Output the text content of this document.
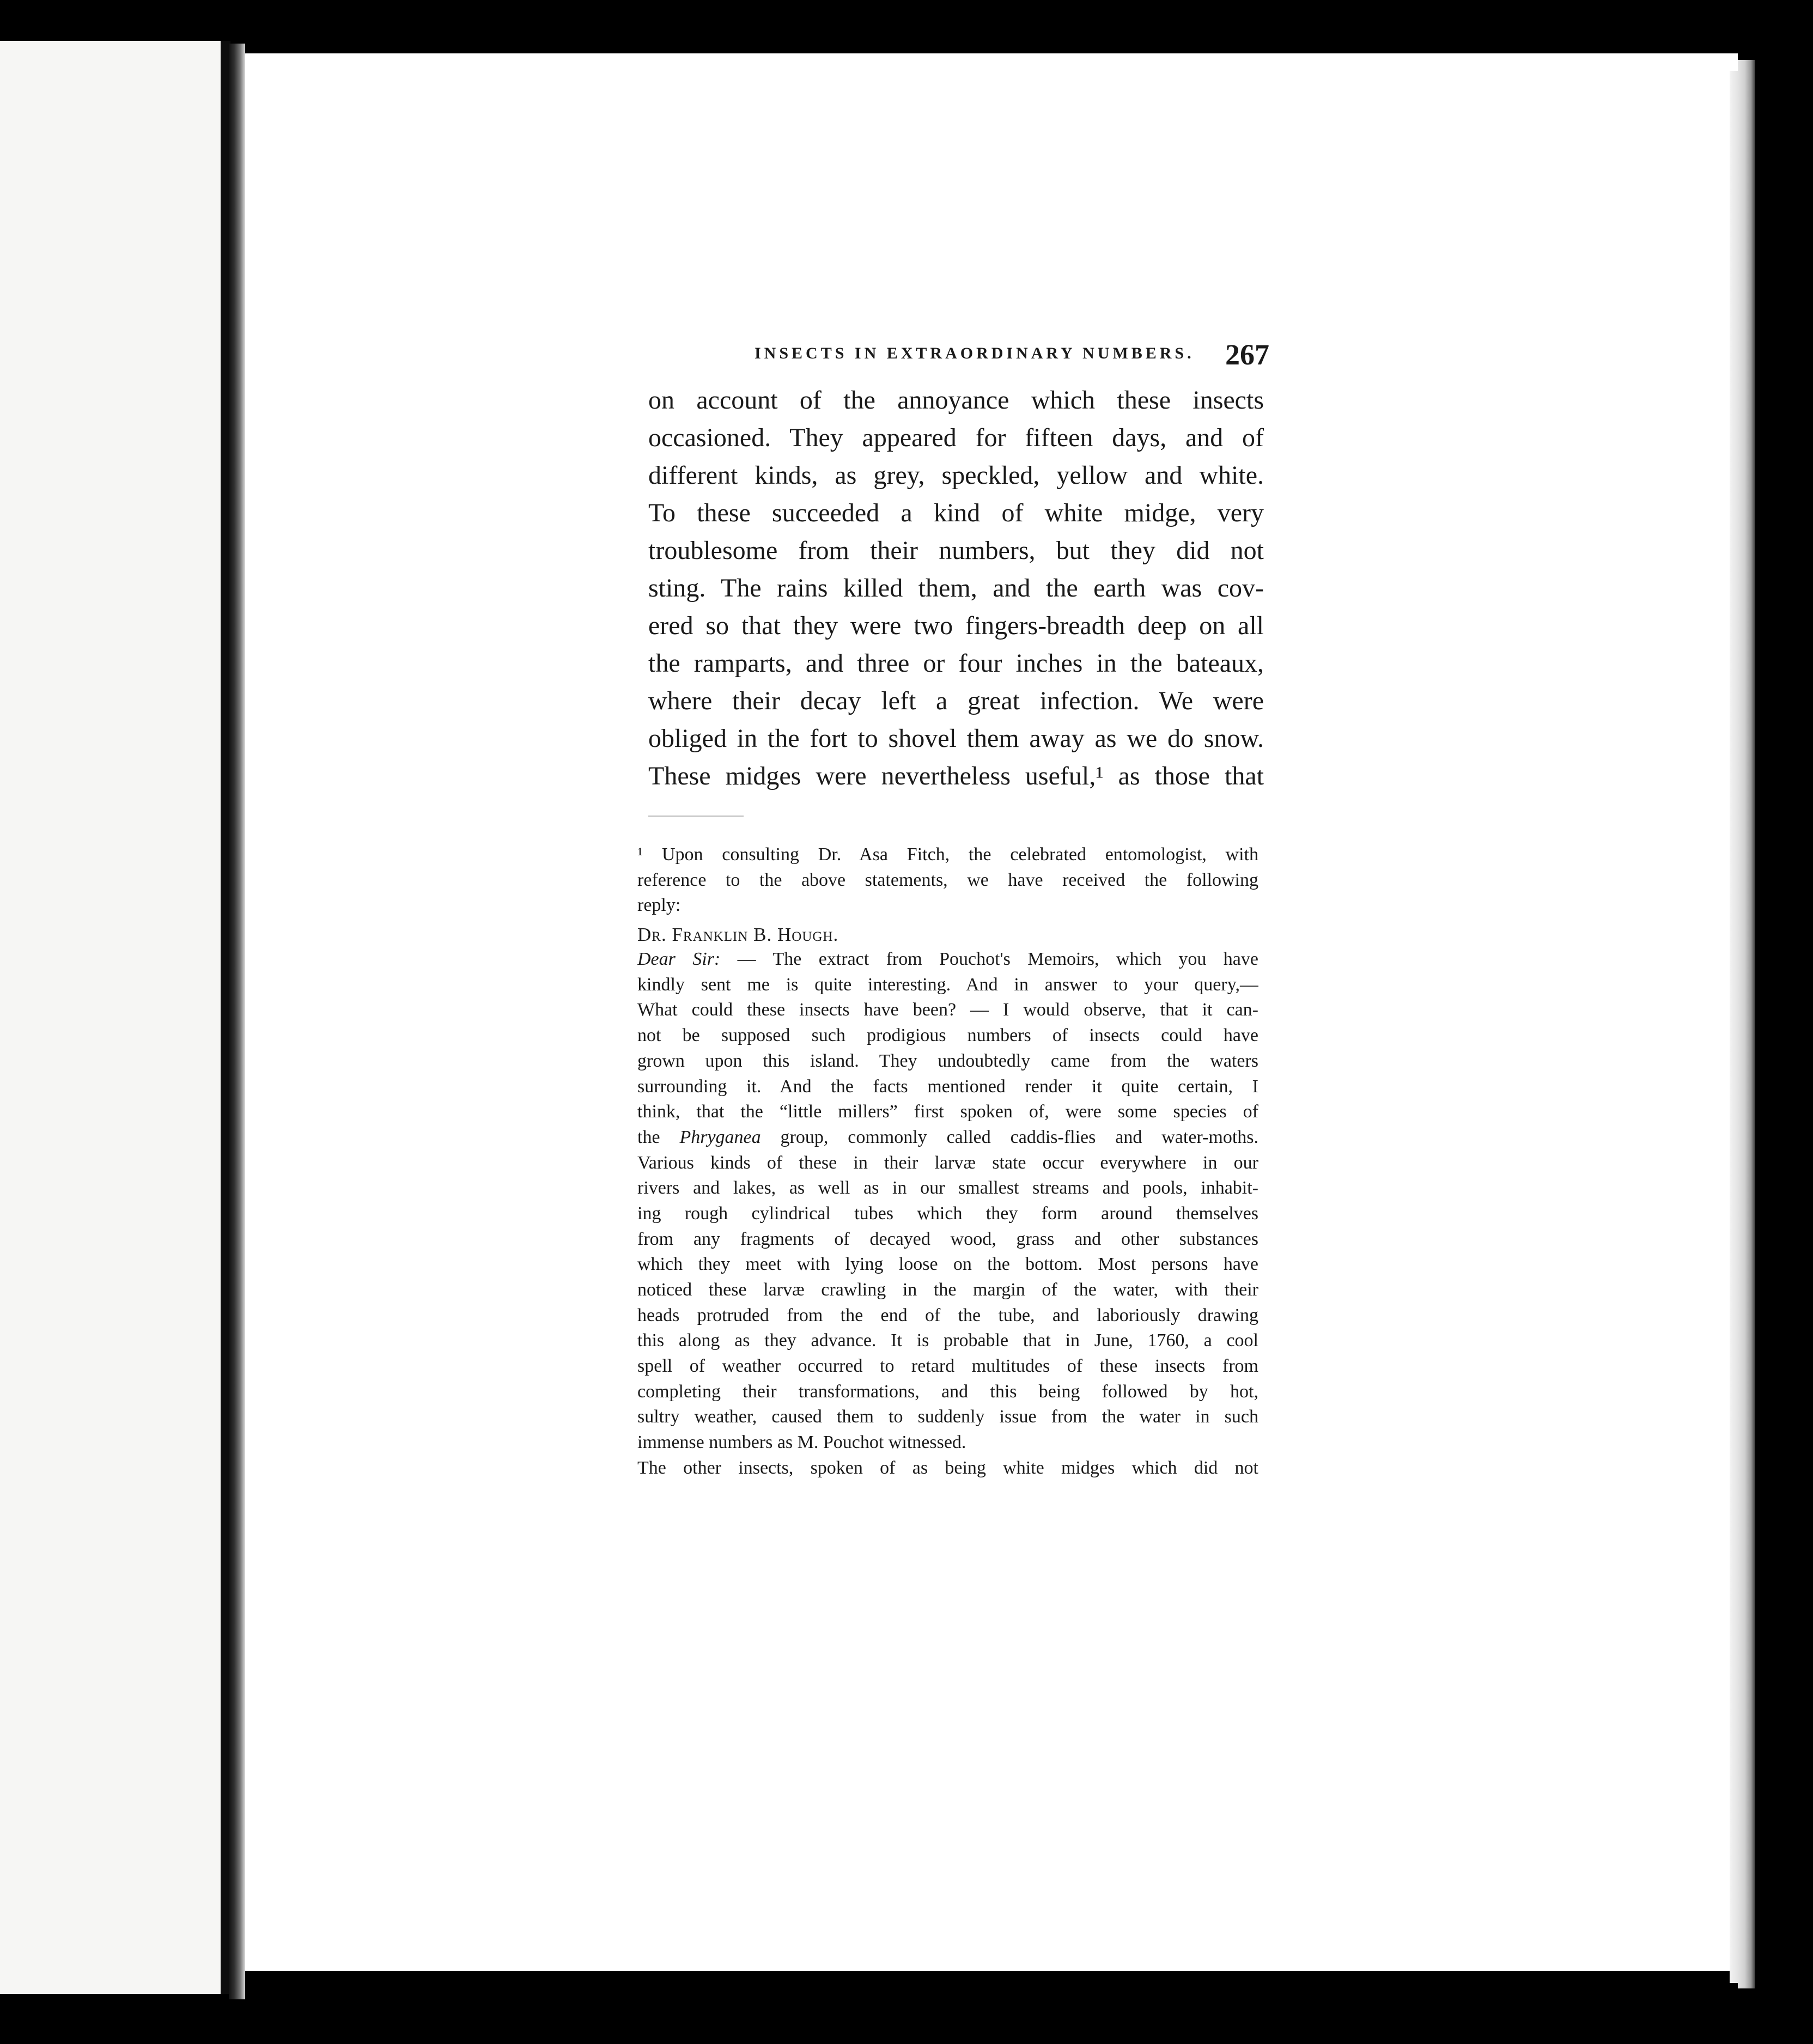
INSECTS IN EXTRAORDINARY NUMBERS. 267
on account of the annoyance which these insects
occasioned. They appeared for fifteen days, and of
different kinds, as grey, speckled, yellow and white.
To these succeeded a kind of white midge, very
troublesome from their numbers, but they did not
sting. The rains killed them, and the earth was cov-
ered so that they were two fingers-breadth deep on all
the ramparts, and three or four inches in the bateaux,
where their decay left a great infection. We were
obliged in the fort to shovel them away as we do snow.
These midges were nevertheless useful,¹ as those that
¹ Upon consulting Dr. Asa Fitch, the celebrated entomologist, with
reference to the above statements, we have received the following
reply:
Dr. Franklin B. Hough.
Dear Sir: — The extract from Pouchot's Memoirs, which you have
kindly sent me is quite interesting. And in answer to your query,—
What could these insects have been? — I would observe, that it can-
not be supposed such prodigious numbers of insects could have
grown upon this island. They undoubtedly came from the waters
surrounding it. And the facts mentioned render it quite certain, I
think, that the “little millers” first spoken of, were some species of
the Phryganea group, commonly called caddis-flies and water-moths.
Various kinds of these in their larvæ state occur everywhere in our
rivers and lakes, as well as in our smallest streams and pools, inhabit-
ing rough cylindrical tubes which they form around themselves
from any fragments of decayed wood, grass and other substances
which they meet with lying loose on the bottom. Most persons have
noticed these larvæ crawling in the margin of the water, with their
heads protruded from the end of the tube, and laboriously drawing
this along as they advance. It is probable that in June, 1760, a cool
spell of weather occurred to retard multitudes of these insects from
completing their transformations, and this being followed by hot,
sultry weather, caused them to suddenly issue from the water in such
immense numbers as M. Pouchot witnessed.
The other insects, spoken of as being white midges which did not
